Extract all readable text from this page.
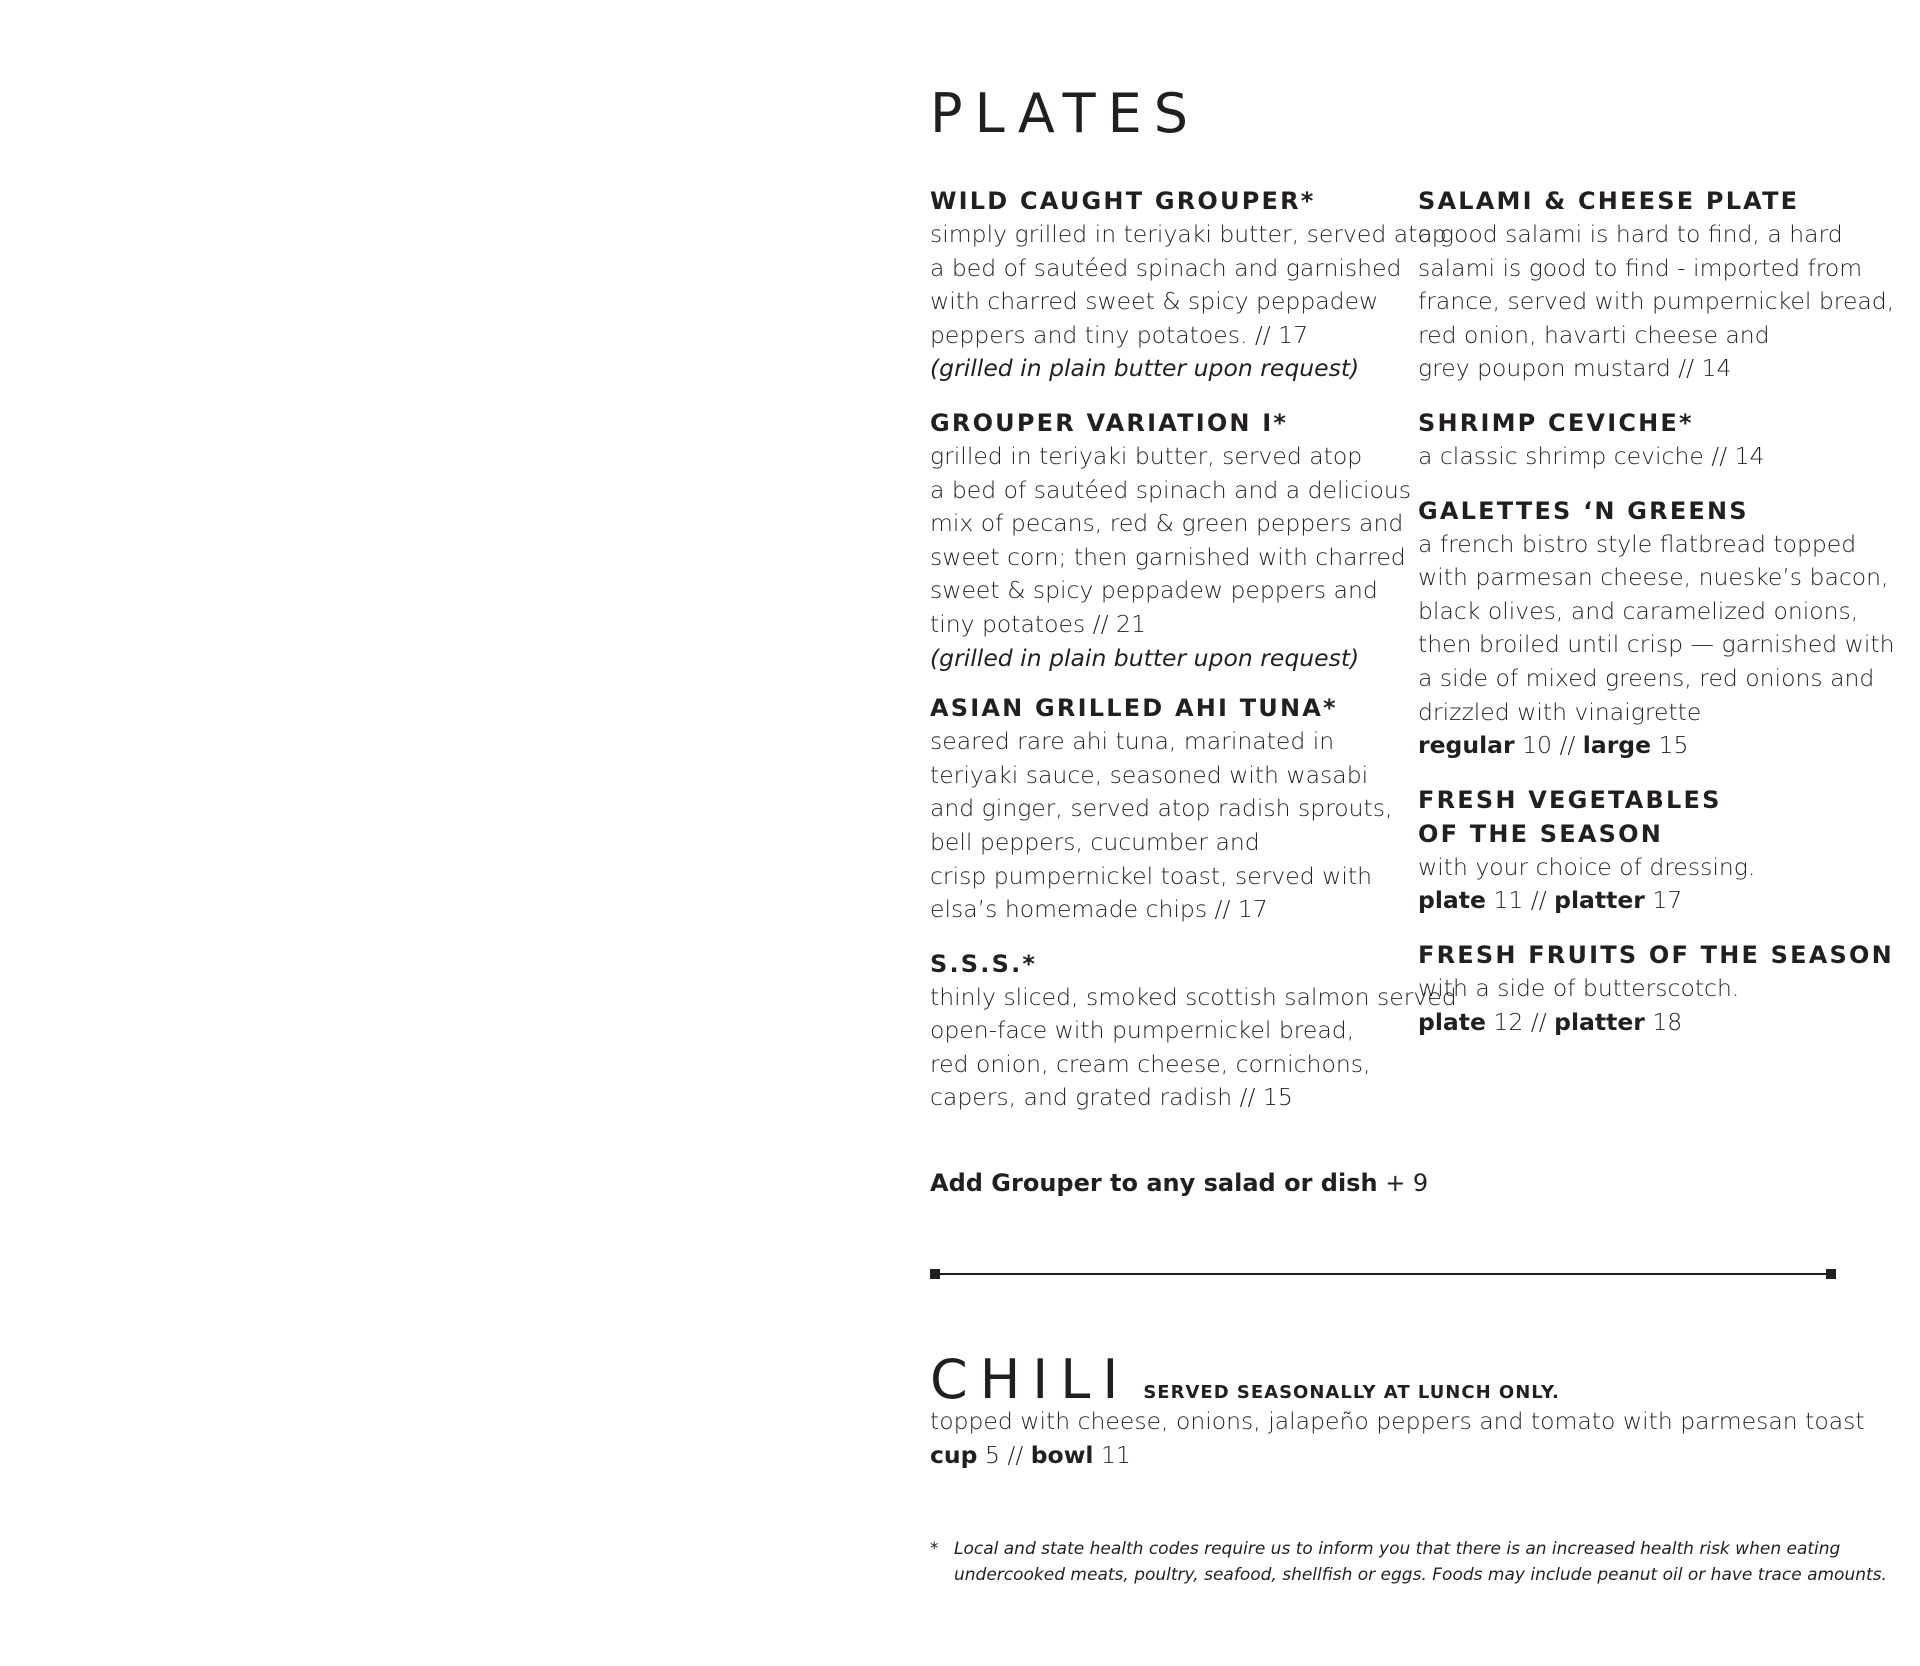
PLATES
WILD CAUGHT GROUPER*
simply grilled in teriyaki butter, served atop
a bed of sautéed spinach and garnished
with charred sweet & spicy peppadew
peppers and tiny potatoes. // 17
(grilled in plain butter upon request)
GROUPER VARIATION I*
grilled in teriyaki butter, served atop
a bed of sautéed spinach and a delicious
mix of pecans, red & green peppers and
sweet corn; then garnished with charred
sweet & spicy peppadew peppers and
tiny potatoes // 21
(grilled in plain butter upon request)
ASIAN GRILLED AHI TUNA*
seared rare ahi tuna, marinated in
teriyaki sauce, seasoned with wasabi
and ginger, served atop radish sprouts,
bell peppers, cucumber and
crisp pumpernickel toast, served with
elsa’s homemade chips // 17
S.S.S.*
thinly sliced, smoked scottish salmon served
open-face with pumpernickel bread,
red onion, cream cheese, cornichons,
capers, and grated radish // 15
SALAMI & CHEESE PLATE
a good salami is hard to find, a hard
salami is good to find - imported from
france, served with pumpernickel bread,
red onion, havarti cheese and
grey poupon mustard // 14
SHRIMP CEVICHE*
a classic shrimp ceviche // 14
GALETTES ‘N GREENS
a french bistro style flatbread topped
with parmesan cheese, nueske’s bacon,
black olives, and caramelized onions,
then broiled until crisp — garnished with
a side of mixed greens, red onions and
drizzled with vinaigrette
regular 10 // large 15
FRESH VEGETABLES
OF THE SEASON
with your choice of dressing.
plate 11 // platter 17
FRESH FRUITS OF THE SEASON
with a side of butterscotch.
plate 12 // platter 18
Add Grouper to any salad or dish + 9
CHILI SERVED SEASONALLY AT LUNCH ONLY.
topped with cheese, onions, jalapeño peppers and tomato with parmesan toast
cup 5 // bowl 11
* Local and state health codes require us to inform you that there is an increased health risk when eating
undercooked meats, poultry, seafood, shellfish or eggs. Foods may include peanut oil or have trace amounts.
